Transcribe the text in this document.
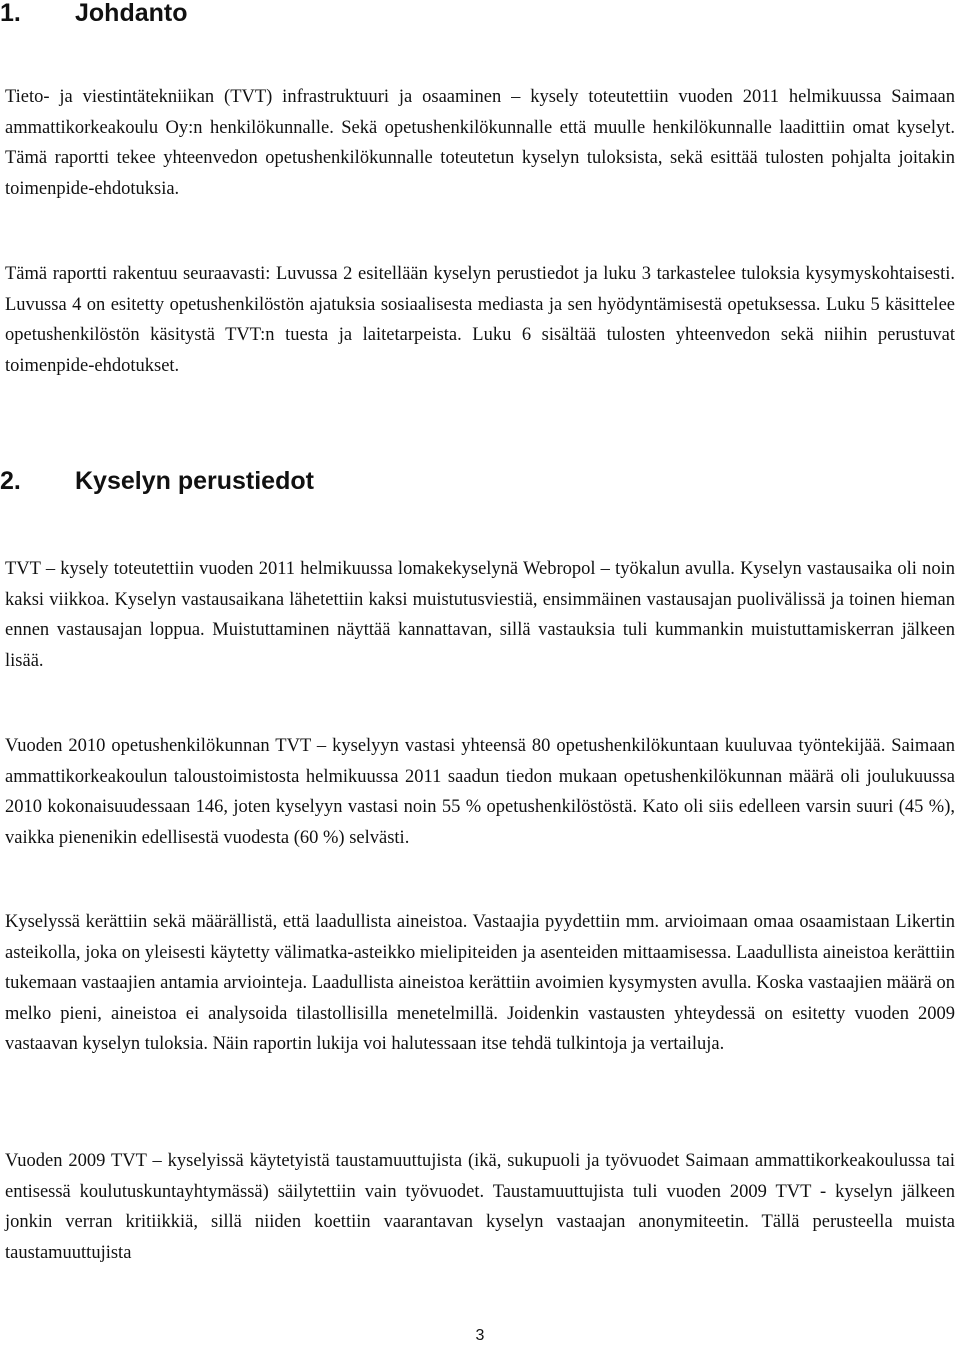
1. Johdanto

Tieto- ja viestintätekniikan (TVT) infrastruktuuri ja osaaminen – kysely toteutettiin vuoden 2011 helmikuussa Saimaan ammattikorkeakoulu Oy:n henkilökunnalle. Sekä opetushenkilökunnalle että muulle henkilökunnalle laadittiin omat kyselyt. Tämä raportti tekee yhteenvedon opetushenkilökunnalle toteutetun kyselyn tuloksista, sekä esittää tulosten pohjalta joitakin toimenpide-ehdotuksia.

Tämä raportti rakentuu seuraavasti: Luvussa 2 esitellään kyselyn perustiedot ja luku 3 tarkastelee tuloksia kysymyskohtaisesti. Luvussa 4 on esitetty opetushenkilöstön ajatuksia sosiaalisesta mediasta ja sen hyödyntämisestä opetuksessa. Luku 5 käsittelee opetushenkilöstön käsitystä TVT:n tuesta ja laitetarpeista. Luku 6 sisältää tulosten yhteenvedon sekä niihin perustuvat toimenpide-ehdotukset.

2. Kyselyn perustiedot

TVT – kysely toteutettiin vuoden 2011 helmikuussa lomakekyselynä Webropol – työkalun avulla. Kyselyn vastausaika oli noin kaksi viikkoa. Kyselyn vastausaikana lähetettiin kaksi muistutusviestiä, ensimmäinen vastausajan puolivälissä ja toinen hieman ennen vastausajan loppua. Muistuttaminen näyttää kannattavan, sillä vastauksia tuli kummankin muistuttamiskerran jälkeen lisää.

Vuoden 2010 opetushenkilökunnan TVT – kyselyyn vastasi yhteensä 80 opetushenkilökuntaan kuuluvaa työntekijää. Saimaan ammattikorkeakoulun taloustoimistosta helmikuussa 2011 saadun tiedon mukaan opetushenkilökunnan määrä oli joulukuussa 2010 kokonaisuudessaan 146, joten kyselyyn vastasi noin 55 % opetushenkilöstöstä. Kato oli siis edelleen varsin suuri (45 %), vaikka pienenikin edellisestä vuodesta (60 %) selvästi.

Kyselyssä kerättiin sekä määrällistä, että laadullista aineistoa. Vastaajia pyydettiin mm. arvioimaan omaa osaamistaan Likertin asteikolla, joka on yleisesti käytetty välimatka-asteikko mielipiteiden ja asenteiden mittaamisessa. Laadullista aineistoa kerättiin tukemaan vastaajien antamia arviointeja. Laadullista aineistoa kerättiin avoimien kysymysten avulla. Koska vastaajien määrä on melko pieni, aineistoa ei analysoida tilastollisilla menetelmillä. Joidenkin vastausten yhteydessä on esitetty vuoden 2009 vastaavan kyselyn tuloksia. Näin raportin lukija voi halutessaan itse tehdä tulkintoja ja vertailuja.

Vuoden 2009 TVT – kyselyissä käytetyistä taustamuuttujista (ikä, sukupuoli ja työvuodet Saimaan ammattikorkeakoulussa tai entisessä koulutuskuntayhtymässä) säilytettiin vain työvuodet. Taustamuuttujista tuli vuoden 2009 TVT - kyselyn jälkeen jonkin verran kritiikkiä, sillä niiden koettiin vaarantavan kyselyn vastaajan anonymiteetin. Tällä perusteella muista taustamuuttujista

3
